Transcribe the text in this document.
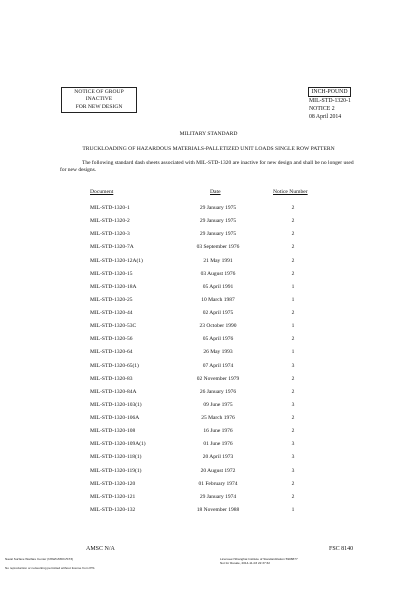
NOTICE OF GROUP
INACTIVE
FOR NEW DESIGN
INCH-POUND
MIL-STD-1320-1
NOTICE 2
08 April 2014
MILITARY STANDARD
TRUCKLOADING OF HAZARDOUS MATERIALS-PALLETIZED UNIT LOADS SINGLE ROW PATTERN
The following standard dash sheets associated with MIL-STD-1320 are inactive for new design and shall be no longer used for new designs.
Document	Date	Notice Number
MIL-STD-1320-1	29 January 1975	2
MIL-STD-1320-2	29 January 1975	2
MIL-STD-1320-3	29 January 1975	2
MIL-STD-1320-7A	03 September 1976	2
MIL-STD-1320-12A(1)	21 May 1991	2
MIL-STD-1320-15	03 August 1976	2
MIL-STD-1320-18A	05 April 1991	1
MIL-STD-1320-25	10 March 1987	1
MIL-STD-1320-44	02 April 1975	2
MIL-STD-1320-53C	23 October 1990	1
MIL-STD-1320-56	05 April 1976	2
MIL-STD-1320-64	26 May 1993	1
MIL-STD-1320-65(1)	07 April 1974	3
MIL-STD-1320-83	02 November 1979	2
MIL-STD-1320-84A	26 January 1976	2
MIL-STD-1320-103(1)	09 June 1975	3
MIL-STD-1320-106A	25 March 1976	2
MIL-STD-1320-108	16 June 1976	2
MIL-STD-1320-109A(1)	01 June 1976	3
MIL-STD-1320-118(1)	20 April 1973	3
MIL-STD-1320-119(1)	20 August 1972	3
MIL-STD-1320-120	01 February 1974	2
MIL-STD-1320-121	29 January 1974	2
MIL-STD-1320-132	18 November 1988	1
AMSC N/A	FSC 8140
Naval Surface Warfare Center (NSWC/MDC/ST3)
No reproduction or networking permitted without license from IHS
Licensee=Shanghai Institute of Standardization 5908877
Not for Resale, 2014-11-03 22:37:32
